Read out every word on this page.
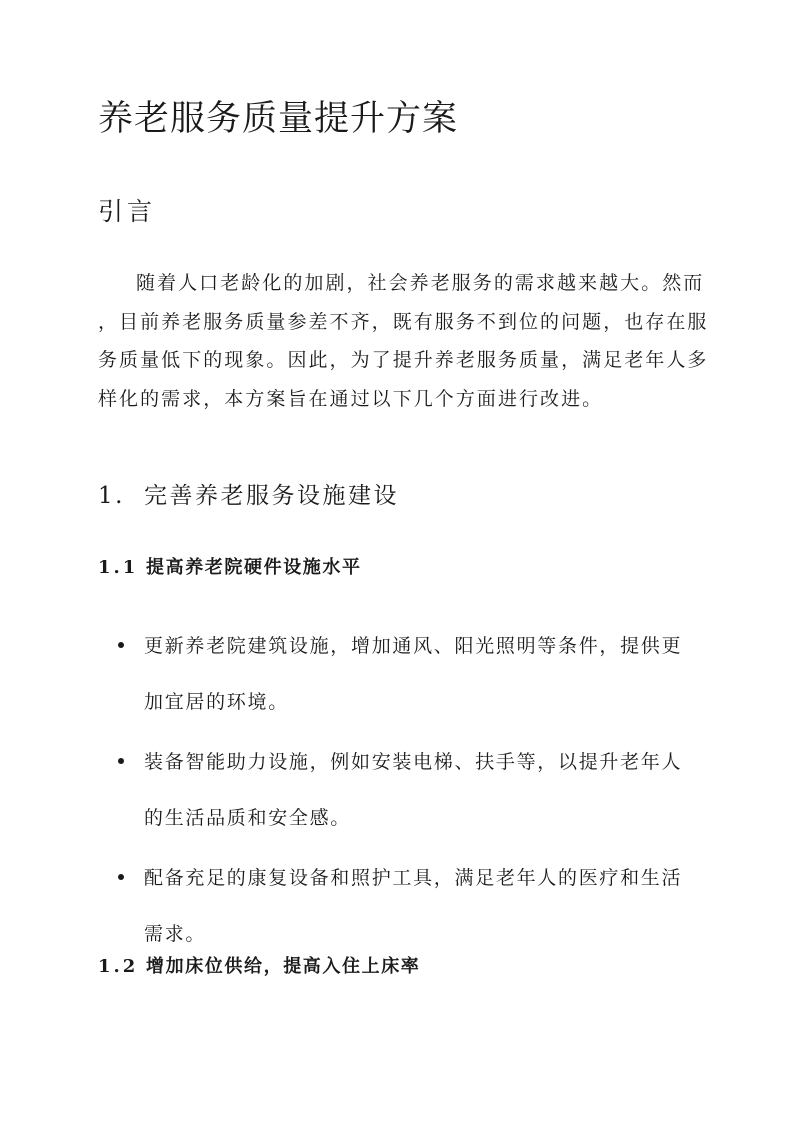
养老服务质量提升方案
引言

随着人口老龄化的加剧，社会养老服务的需求越来越大。然而
，目前养老服务质量参差不齐，既有服务不到位的问题，也存在服
务质量低下的现象。因此，为了提升养老服务质量，满足老年人多
样化的需求，本方案旨在通过以下几个方面进行改进。

1. 完善养老服务设施建设
1.1 提高养老院硬件设施水平
更新养老院建筑设施，增加通风、阳光照明等条件，提供更
加宜居的环境。
装备智能助力设施，例如安装电梯、扶手等，以提升老年人
的生活品质和安全感。
配备充足的康复设备和照护工具，满足老年人的医疗和生活
需求。
1.2 增加床位供给，提高入住上床率
